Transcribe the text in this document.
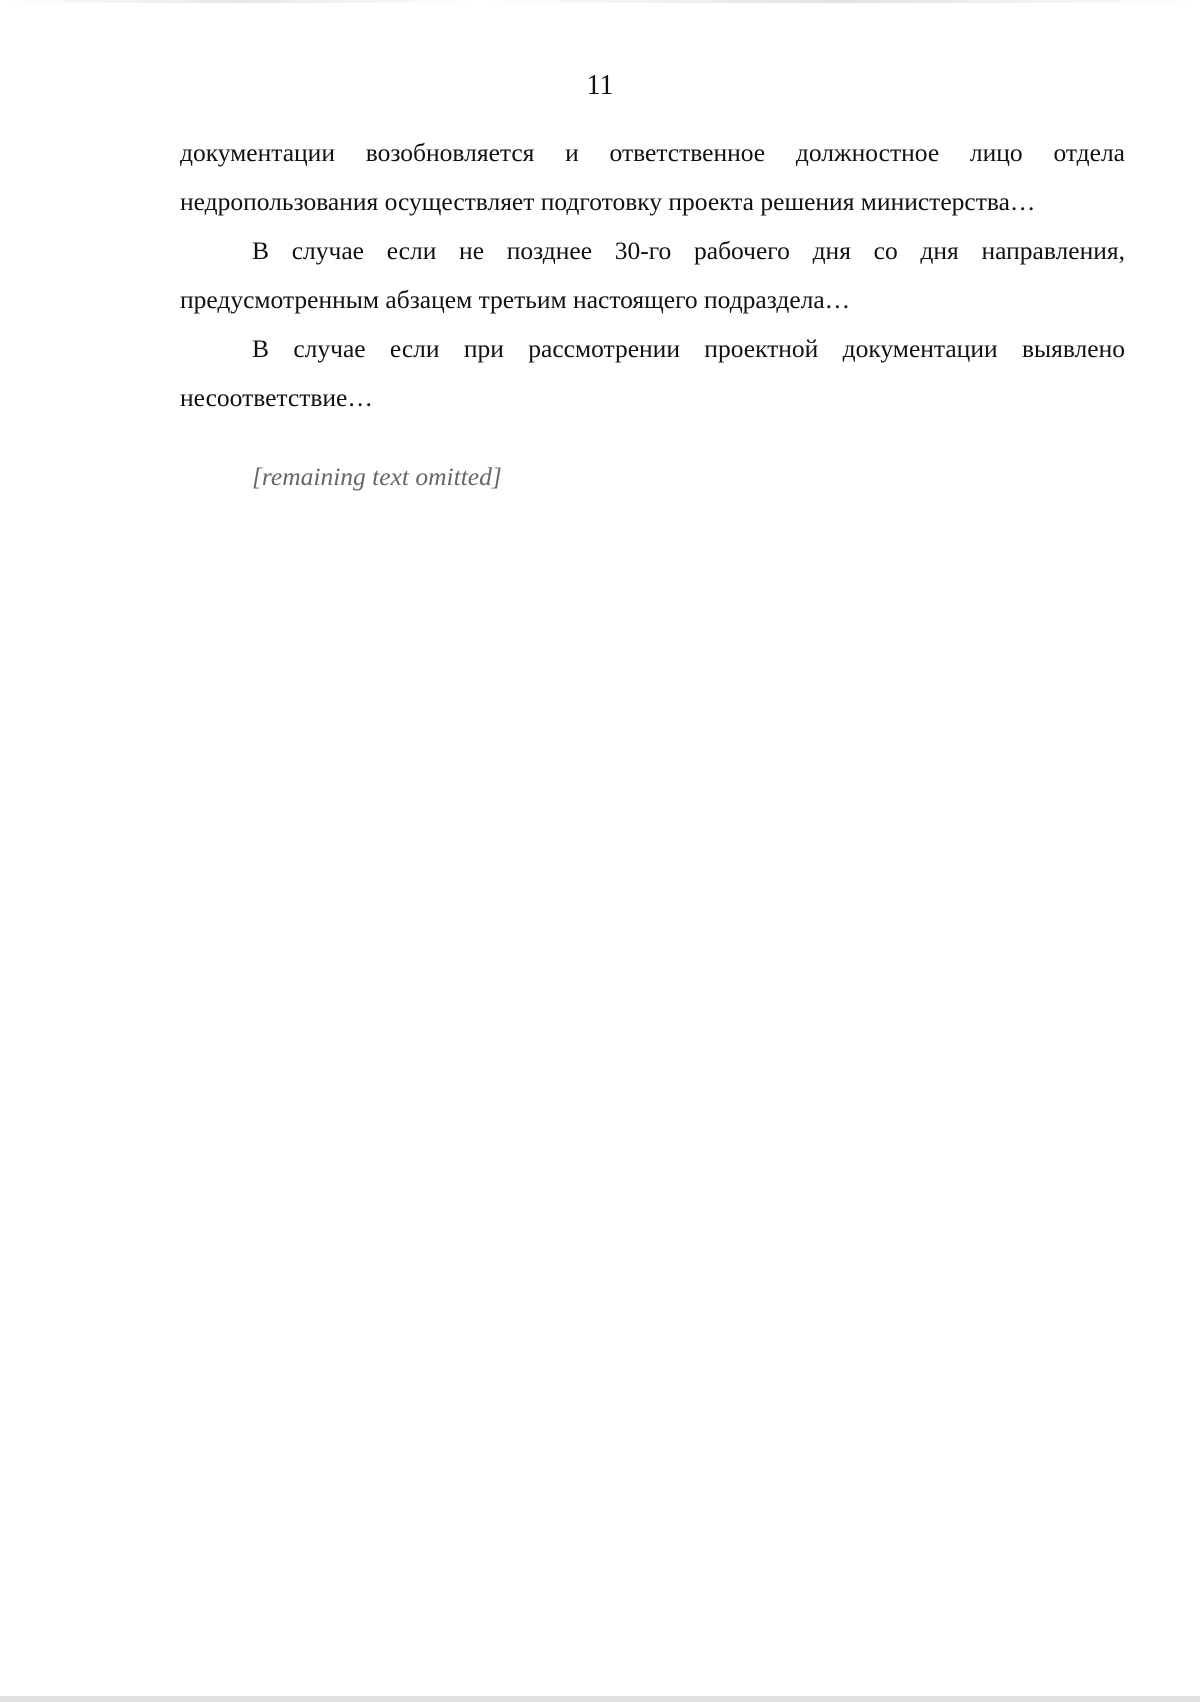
11

документации возобновляется и ответственное должностное лицо отдела недропользования осуществляет подготовку проекта решения министерства…

В случае если не позднее 30-го рабочего дня со дня направления, предусмотренным абзацем третьим настоящего подраздела…

В случае если при рассмотрении проектной документации выявлено несоответствие…

[remaining text omitted]
